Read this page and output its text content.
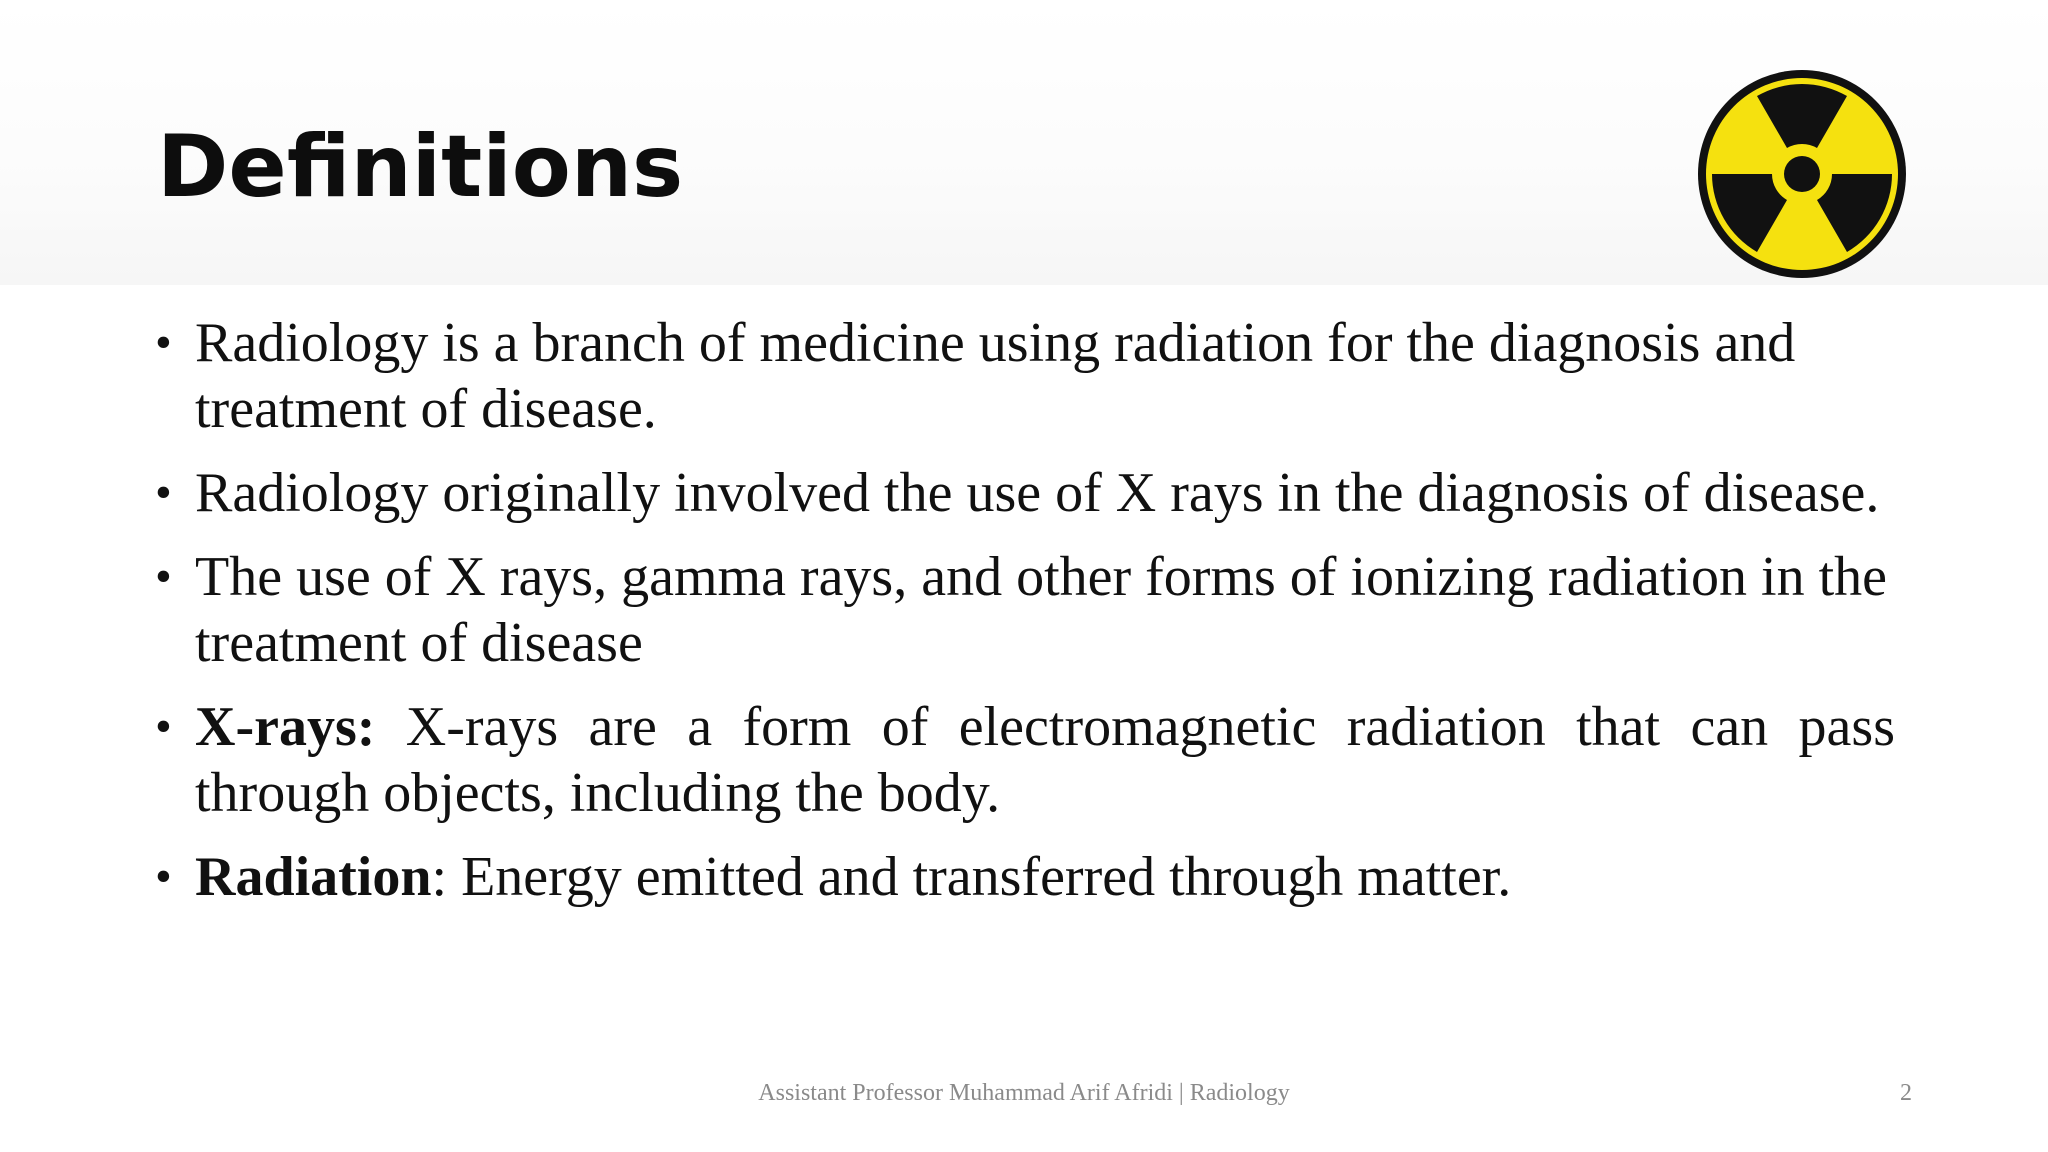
Definitions
• Radiology is a branch of medicine using radiation for the diagnosis and treatment of disease.
• Radiology originally involved the use of X rays in the diagnosis of disease.
• The use of X rays, gamma rays, and other forms of ionizing radiation in the treatment of disease
• X-rays: X-rays are a form of electromagnetic radiation that can pass through objects, including the body.
• Radiation: Energy emitted and transferred through matter.
Assistant Professor Muhammad Arif Afridi | Radiology	2
